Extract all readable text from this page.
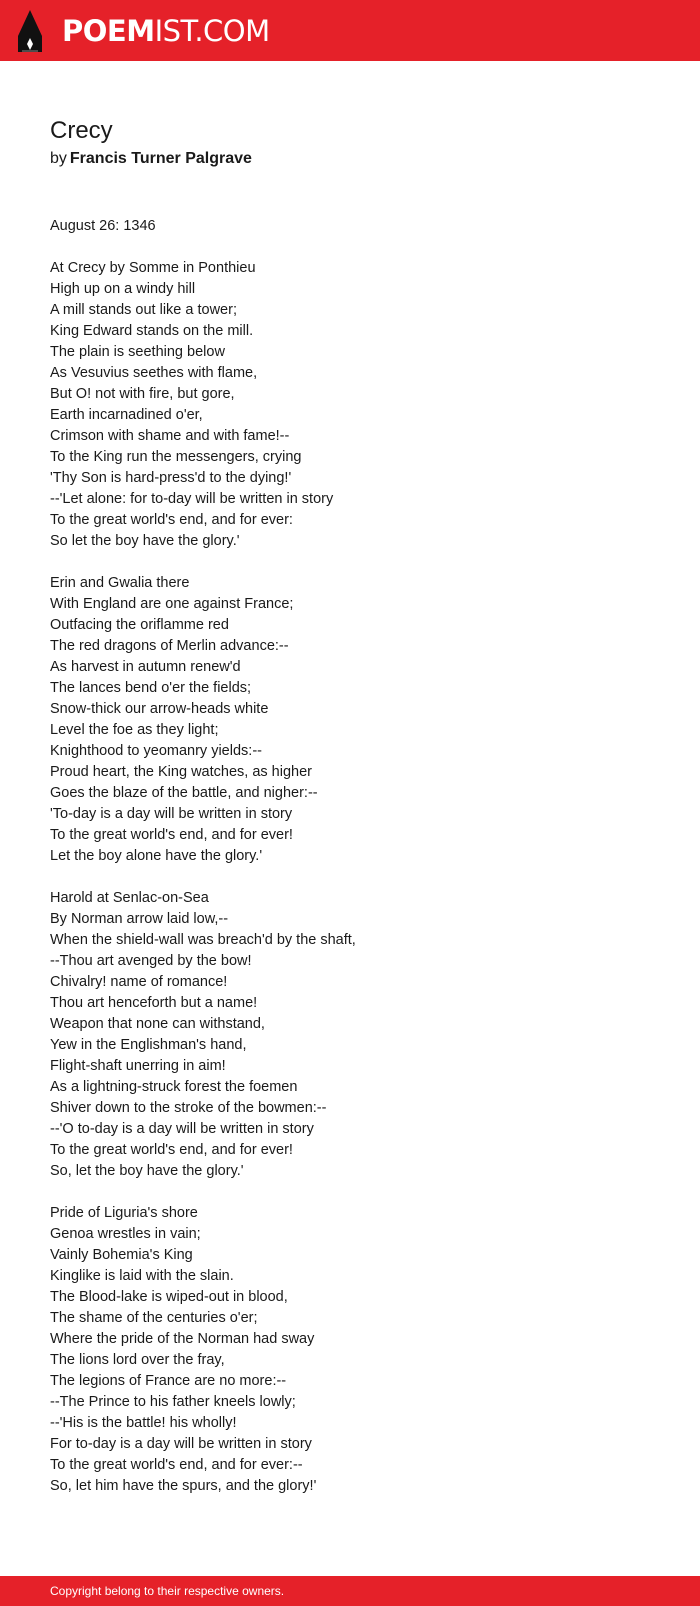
POEMIST.COM
Crecy

by Francis Turner Palgrave

August 26: 1346
At Crecy by Somme in Ponthieu
High up on a windy hill
A mill stands out like a tower;
King Edward stands on the mill.
The plain is seething below
As Vesuvius seethes with flame,
But O! not with fire, but gore,
Earth incarnadined o'er,
Crimson with shame and with fame!--
To the King run the messengers, crying
'Thy Son is hard-press'd to the dying!'
--'Let alone: for to-day will be written in story
To the great world's end, and for ever:
So let the boy have the glory.'
Erin and Gwalia there
With England are one against France;
Outfacing the oriflamme red
The red dragons of Merlin advance:--
As harvest in autumn renew'd
The lances bend o'er the fields;
Snow-thick our arrow-heads white
Level the foe as they light;
Knighthood to yeomanry yields:--
Proud heart, the King watches, as higher
Goes the blaze of the battle, and nigher:--
'To-day is a day will be written in story
To the great world's end, and for ever!
Let the boy alone have the glory.'
Harold at Senlac-on-Sea
By Norman arrow laid low,--
When the shield-wall was breach'd by the shaft,
--Thou art avenged by the bow!
Chivalry! name of romance!
Thou art henceforth but a name!
Weapon that none can withstand,
Yew in the Englishman's hand,
Flight-shaft unerring in aim!
As a lightning-struck forest the foemen
Shiver down to the stroke of the bowmen:--
--'O to-day is a day will be written in story
To the great world's end, and for ever!
So, let the boy have the glory.'
Pride of Liguria's shore
Genoa wrestles in vain;
Vainly Bohemia's King
Kinglike is laid with the slain.
The Blood-lake is wiped-out in blood,
The shame of the centuries o'er;
Where the pride of the Norman had sway
The lions lord over the fray,
The legions of France are no more:--
--The Prince to his father kneels lowly;
--'His is the battle! his wholly!
For to-day is a day will be written in story
To the great world's end, and for ever:--
So, let him have the spurs, and the glory!'
Copyright belong to their respective owners.
